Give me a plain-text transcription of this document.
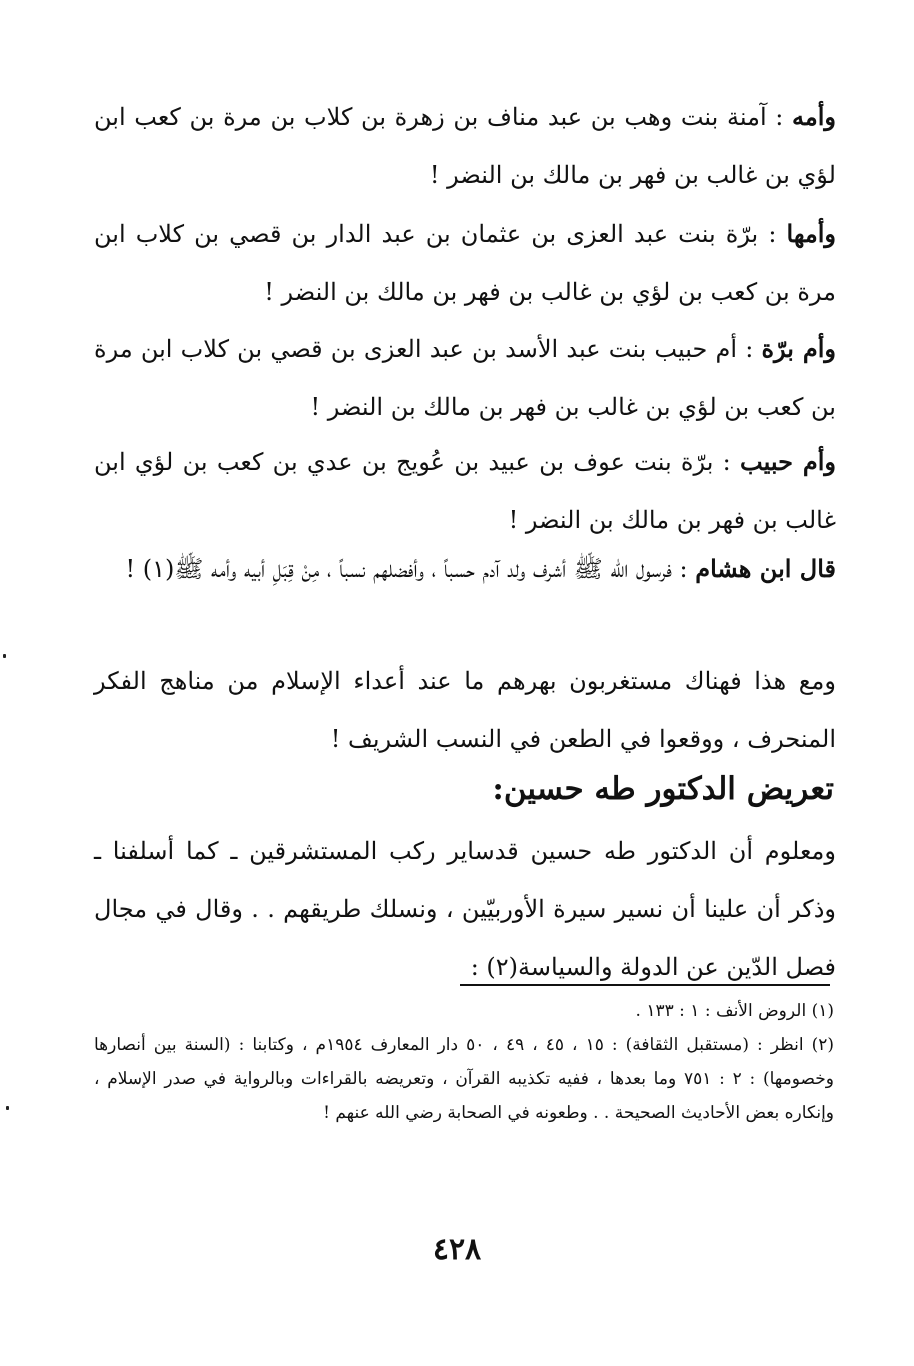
وأمه : آمنة بنت وهب بن عبد مناف بن زهرة بن كلاب بن مرة بن كعب ابن لؤي بن غالب بن فهر بن مالك بن النضر !

وأمها : برّة بنت عبد العزى بن عثمان بن عبد الدار بن قصي بن كلاب ابن مرة بن كعب بن لؤي بن غالب بن فهر بن مالك بن النضر !

وأم برّة : أم حبيب بنت عبد الأسد بن عبد العزى بن قصي بن كلاب ابن مرة بن كعب بن لؤي بن غالب بن فهر بن مالك بن النضر !

وأم حبيب : برّة بنت عوف بن عبيد بن عُويج بن عدي بن كعب بن لؤي ابن غالب بن فهر بن مالك بن النضر !

قال ابن هشام : فرسول الله ﷺ أشرف ولد آدم حسباً ، وأفضلهم نسباً ، مِنْ قِبَلِ أبيه وأمه ﷺ(١) !

ومع هذا فهناك مستغربون بهرهم ما عند أعداء الإسلام من مناهج الفكر المنحرف ، ووقعوا في الطعن في النسب الشريف !

تعريض الدكتور طه حسين:

ومعلوم أن الدكتور طه حسين قدساير ركب المستشرقين ـ كما أسلفنا ـ وذكر أن علينا أن نسير سيرة الأوربيّين ، ونسلك طريقهم . . وقال في مجال فصل الدّين عن الدولة والسياسة(٢) :

(١) الروض الأنف : ١ : ١٣٣ .

(٢) انظر : (مستقبل الثقافة) : ١٥ ، ٤٥ ، ٤٩ ، ٥٠ دار المعارف ١٩٥٤م ، وكتابنا : (السنة بين أنصارها وخصومها) : ٢ : ٧٥١ وما بعدها ، ففيه تكذيبه القرآن ، وتعريضه بالقراءات وبالرواية في صدر الإسلام ، وإنكاره بعض الأحاديث الصحيحة . . وطعونه في الصحابة رضي الله عنهم !

٤٢٨
